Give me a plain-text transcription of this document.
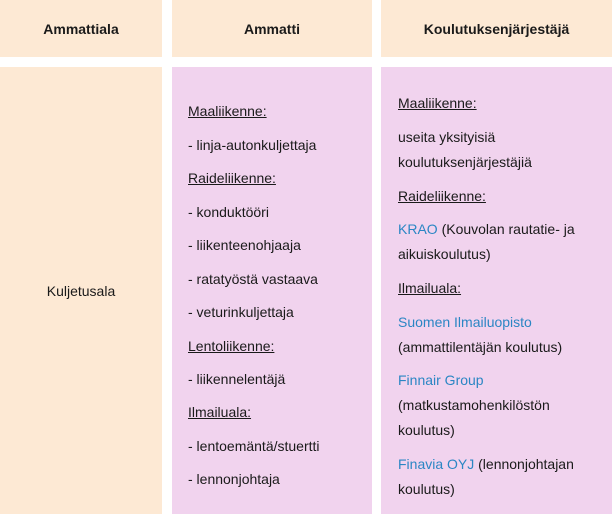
Ammattiala	Ammatti	Koulutuksenjärjestäjä
Kuljetusala
Maaliikenne:
- linja-autonkuljettaja
Raideliikenne:
- konduktööri
- liikenteenohjaaja
- ratatyöstä vastaava
- veturinkuljettaja
Lentoliikenne:
- liikennelentäjä
Ilmailuala:
- lentoemäntä/stuertti
- lennonjohtaja
Maaliikenne:
useita yksityisiä
koulutuksenjärjestäjiä
Raideliikenne:
KRAO (Kouvolan rautatie- ja
aikuiskoulutus)
Ilmailuala:
Suomen Ilmailuopisto
(ammattilentäjän koulutus)
Finnair Group
(matkustamohenkilöstön
koulutus)
Finavia OYJ (lennonjohtajan
koulutus)
